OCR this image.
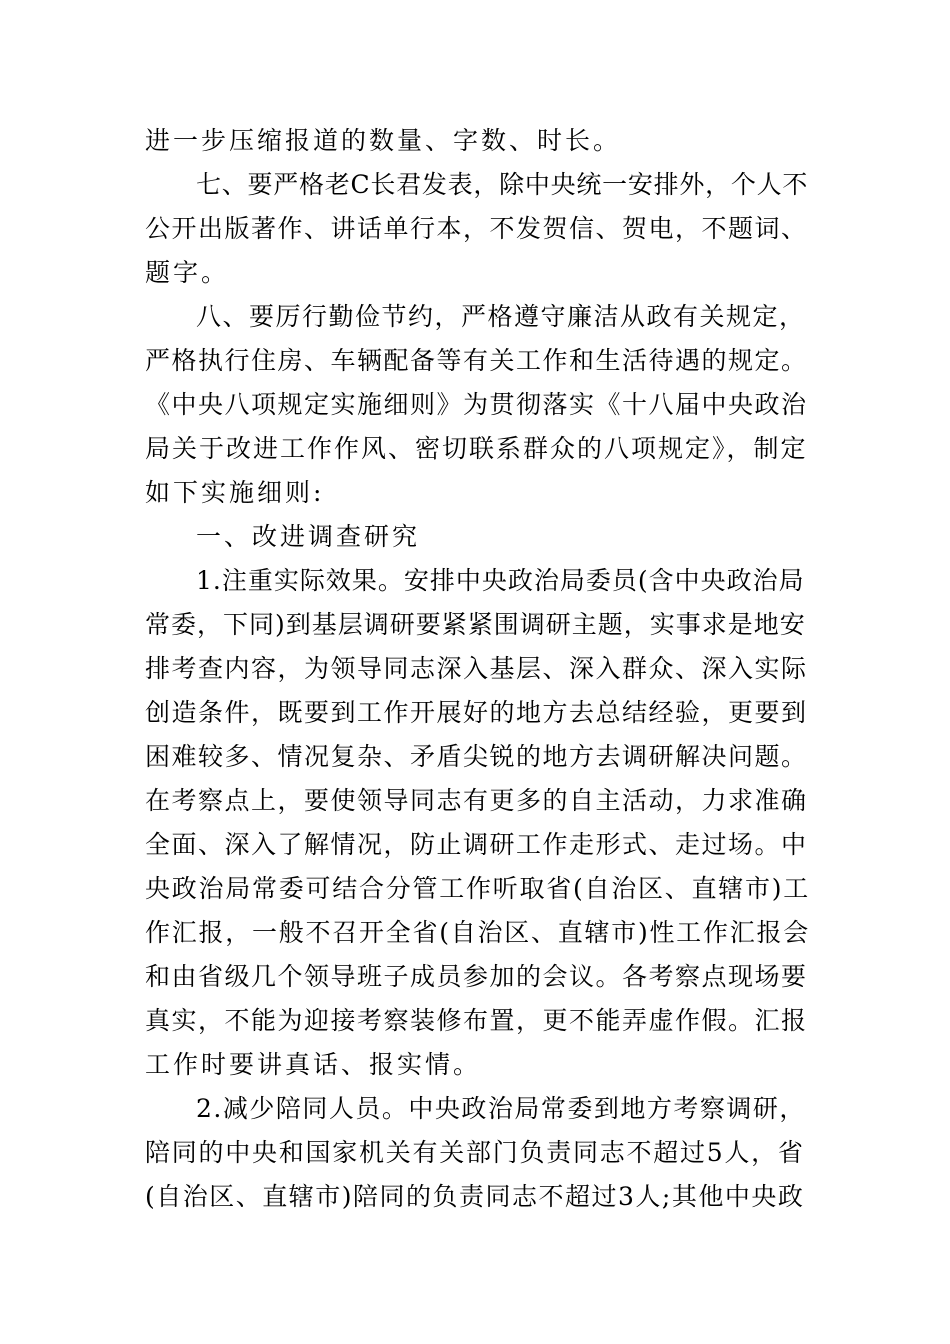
进一步压缩报道的数量、字数、时长。
七、要严格老C长君发表，除中央统一安排外，个人不
公开出版著作、讲话单行本，不发贺信、贺电，不题词、
题字。
八、要厉行勤俭节约，严格遵守廉洁从政有关规定，
严格执行住房、车辆配备等有关工作和生活待遇的规定。
《中央八项规定实施细则》为贯彻落实《十八届中央政治
局关于改进工作作风、密切联系群众的八项规定》，制定
如下实施细则:
一、改进调查研究
1.注重实际效果。安排中央政治局委员(含中央政治局
常委，下同)到基层调研要紧紧围调研主题，实事求是地安
排考查内容，为领导同志深入基层、深入群众、深入实际
创造条件，既要到工作开展好的地方去总结经验，更要到
困难较多、情况复杂、矛盾尖锐的地方去调研解决问题。
在考察点上，要使领导同志有更多的自主活动，力求准确
全面、深入了解情况，防止调研工作走形式、走过场。中
央政治局常委可结合分管工作听取省(自治区、直辖市)工
作汇报，一般不召开全省(自治区、直辖市)性工作汇报会
和由省级几个领导班子成员参加的会议。各考察点现场要
真实，不能为迎接考察装修布置，更不能弄虚作假。汇报
工作时要讲真话、报实情。
2.减少陪同人员。中央政治局常委到地方考察调研，
陪同的中央和国家机关有关部门负责同志不超过5人，省
(自治区、直辖市)陪同的负责同志不超过3人;其他中央政
